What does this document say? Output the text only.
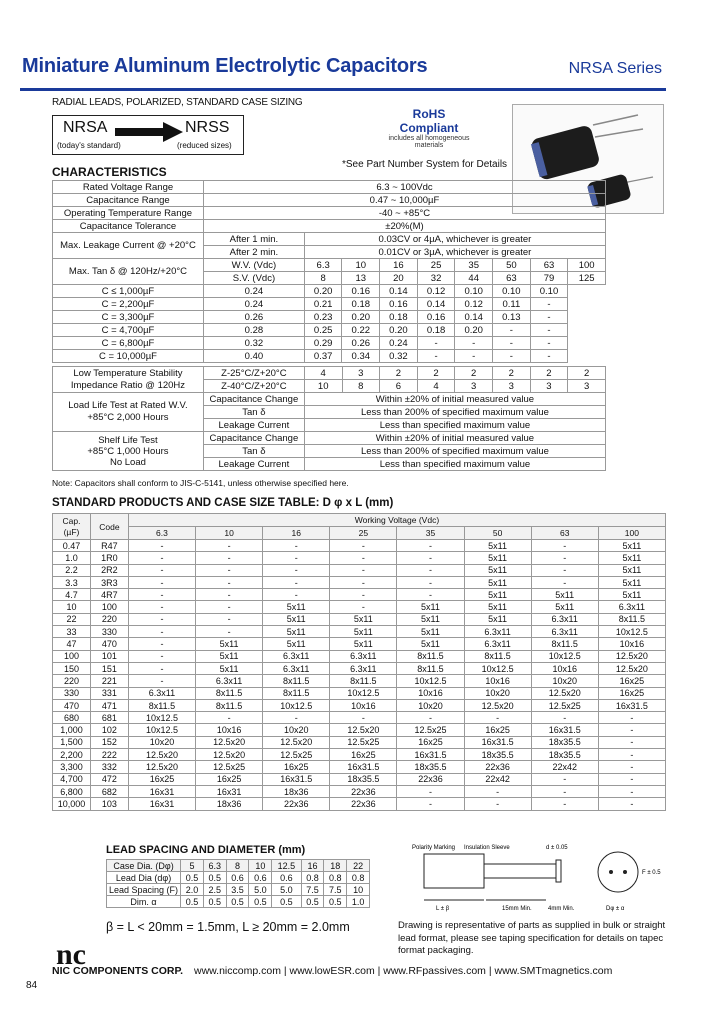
Miniature Aluminum Electrolytic Capacitors	NRSA Series
RADIAL LEADS, POLARIZED, STANDARD CASE SIZING
NRSA
(today's standard)
NRSS
(reduced sizes)
RoHS
Compliant
includes all homogeneous materials
*See Part Number System for Details
CHARACTERISTICS
Rated Voltage Range	6.3 ~ 100Vdc								
Capacitance Range	0.47 ~ 10,000µF								
Operating Temperature Range	-40 ~ +85°C								
Capacitance Tolerance	±20%(M)								
Max. Leakage Current @ +20°C	After 1 min.	0.03CV or 4µA, whichever is greater							
	After 2 min.	0.01CV or 3µA, whichever is greater							
Max. Tan δ @ 120Hz/+20°C	W.V. (Vdc)	6.3	10	16	25	35	50	63	100
	S.V. (Vdc)	8	13	20	32	44	63	79	125
C ≤ 1,000µF	0.24	0.20	0.16	0.14	0.12	0.10	0.10	0.10	
C = 2,200µF	0.24	0.21	0.18	0.16	0.14	0.12	0.11	-	
C = 3,300µF	0.26	0.23	0.20	0.18	0.16	0.14	0.13	-	
C = 4,700µF	0.28	0.25	0.22	0.20	0.18	0.20	-	-	
C = 6,800µF	0.32	0.29	0.26	0.24	-	-	-	-	
C = 10,000µF	0.40	0.37	0.34	0.32	-	-	-	-	
Low Temperature Stability
Impedance Ratio @ 120Hz	Z-25°C/Z+20°C	4	3	2	2	2	2	2	2
	Z-40°C/Z+20°C	10	8	6	4	3	3	3	3
Load Life Test at Rated W.V.
+85°C 2,000 Hours	Capacitance Change	Within ±20% of initial measured value							
	Tan δ	Less than 200% of specified maximum value							
	Leakage Current	Less than specified maximum value							
Shelf Life Test
+85°C 1,000 Hours
No Load	Capacitance Change	Within ±20% of initial measured value							
	Tan δ	Less than 200% of specified maximum value							
	Leakage Current	Less than specified maximum value							
Note: Capacitors shall conform to JIS-C-5141, unless otherwise specified here.
STANDARD PRODUCTS AND CASE SIZE TABLE: D φ x L (mm)
Cap. (µF)	Code	Working Voltage (Vdc)							
		6.3	10	16	25	35	50	63	100
0.47	R47	-	-	-	-	-	5x11	-	5x11
1.0	1R0	-	-	-	-	-	5x11	-	5x11
2.2	2R2	-	-	-	-	-	5x11	-	5x11
3.3	3R3	-	-	-	-	-	5x11	-	5x11
4.7	4R7	-	-	-	-	-	5x11	5x11	5x11
10	100	-	-	5x11	-	5x11	5x11	5x11	6.3x11
22	220	-	-	5x11	5x11	5x11	5x11	6.3x11	8x11.5
33	330	-	-	5x11	5x11	5x11	6.3x11	6.3x11	10x12.5
47	470	-	5x11	5x11	5x11	5x11	6.3x11	8x11.5	10x16
100	101	-	5x11	6.3x11	6.3x11	8x11.5	8x11.5	10x12.5	12.5x20
150	151	-	5x11	6.3x11	6.3x11	8x11.5	10x12.5	10x16	12.5x20
220	221	-	6.3x11	8x11.5	8x11.5	10x12.5	10x16	10x20	16x25
330	331	6.3x11	8x11.5	8x11.5	10x12.5	10x16	10x20	12.5x20	16x25
470	471	8x11.5	8x11.5	10x12.5	10x16	10x20	12.5x20	12.5x25	16x31.5
680	681	10x12.5	-	-	-	-	-	-	-
1,000	102	10x12.5	10x16	10x20	12.5x20	12.5x25	16x25	16x31.5	-
1,500	152	10x20	12.5x20	12.5x20	12.5x25	16x25	16x31.5	18x35.5	-
2,200	222	12.5x20	12.5x20	12.5x25	16x25	16x31.5	18x35.5	18x35.5	-
3,300	332	12.5x20	12.5x25	16x25	16x31.5	18x35.5	22x36	22x42	-
4,700	472	16x25	16x25	16x31.5	18x35.5	22x36	22x42	-	-
6,800	682	16x31	16x31	18x36	22x36	-	-	-	-
10,000	103	16x31	18x36	22x36	22x36	-	-	-	-
LEAD SPACING AND DIAMETER (mm)
Case Dia. (Dφ)	5	6.3	8	10	12.5	16	18	22
Lead Dia (dφ)	0.5	0.5	0.6	0.6	0.6	0.8	0.8	0.8
Lead Spacing (F)	2.0	2.5	3.5	5.0	5.0	7.5	7.5	10
Dim. α	0.5	0.5	0.5	0.5	0.5	0.5	0.5	1.0
β = L < 20mm = 1.5mm, L ≥ 20mm = 2.0mm
Polarity Marking Insulation Sleeve	d ± 0.05
L ± β	15mm Min.	4mm Min.	Dφ ± α
F ± 0.5
Drawing is representative of parts as supplied in bulk or straight lead format, please see taping specification for details on tapec format packaging.
nc
NIC COMPONENTS CORP. www.niccomp.com | www.lowESR.com | www.RFpassives.com | www.SMTmagnetics.com
84
